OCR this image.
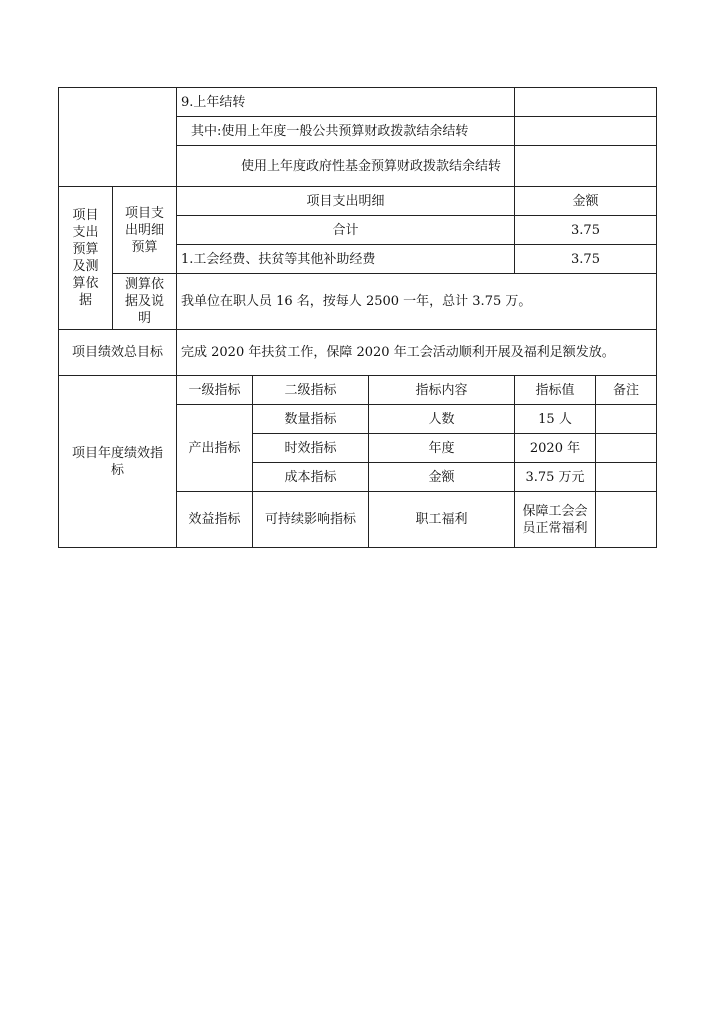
		9.上年结转				
		其中:使用上年度一般公共预算财政拨款结余结转				
		使用上年度政府性基金预算财政拨款结余结转				
项目支出预算及测算依据	项目支出明细预算	项目支出明细			金额	
		合计			3.75	
		1.工会经费、扶贫等其他补助经费			3.75	
	测算依据及说明	我单位在职人员 16 名，按每人 2500 一年，总计 3.75 万。				
项目绩效总目标		完成 2020 年扶贫工作，保障 2020 年工会活动顺利开展及福利足额发放。				
项目年度绩效指标		一级指标	二级指标	指标内容	指标值	备注
		产出指标	数量指标	人数	15 人	
			时效指标	年度	2020 年	
			成本指标	金额	3.75 万元	
		效益指标	可持续影响指标	职工福利	保障工会会员正常福利	
